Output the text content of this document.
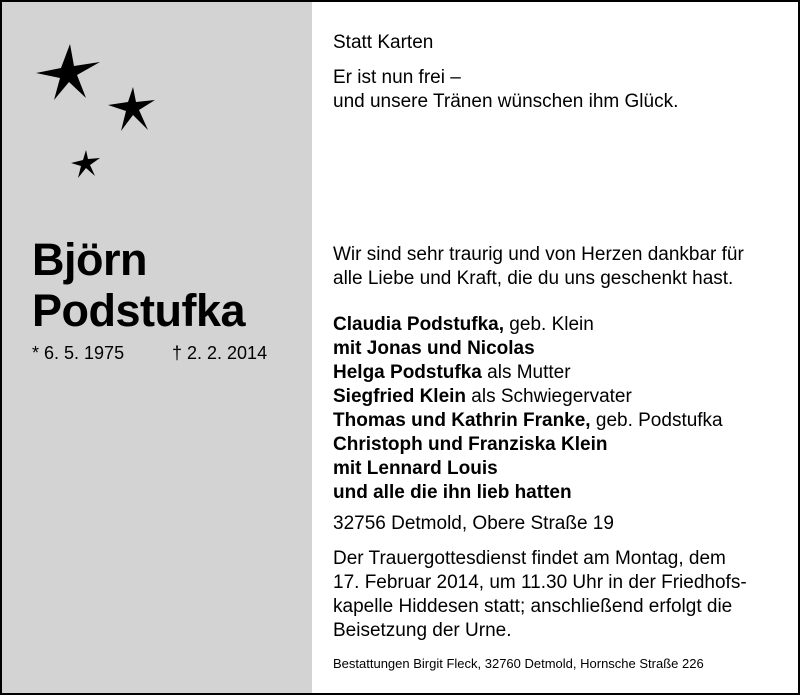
Björn
Podstufka
* 6. 5. 1975	† 2. 2. 2014

Statt Karten

Er ist nun frei –

und unsere Tränen wünschen ihm Glück.

Wir sind sehr traurig und von Herzen dankbar für

alle Liebe und Kraft, die du uns geschenkt hast.

Claudia Podstufka, geb. Klein
mit Jonas und Nicolas
Helga Podstufka als Mutter
Siegfried Klein als Schwiegervater
Thomas und Kathrin Franke, geb. Podstufka
Christoph und Franziska Klein
mit Lennard Louis
und alle die ihn lieb hatten

32756 Detmold, Obere Straße 19

Der Trauergottesdienst findet am Montag, dem

17. Februar 2014, um 11.30 Uhr in der Friedhofs-

kapelle Hiddesen statt; anschließend erfolgt die

Beisetzung der Urne.

Bestattungen Birgit Fleck, 32760 Detmold, Hornsche Straße 226
